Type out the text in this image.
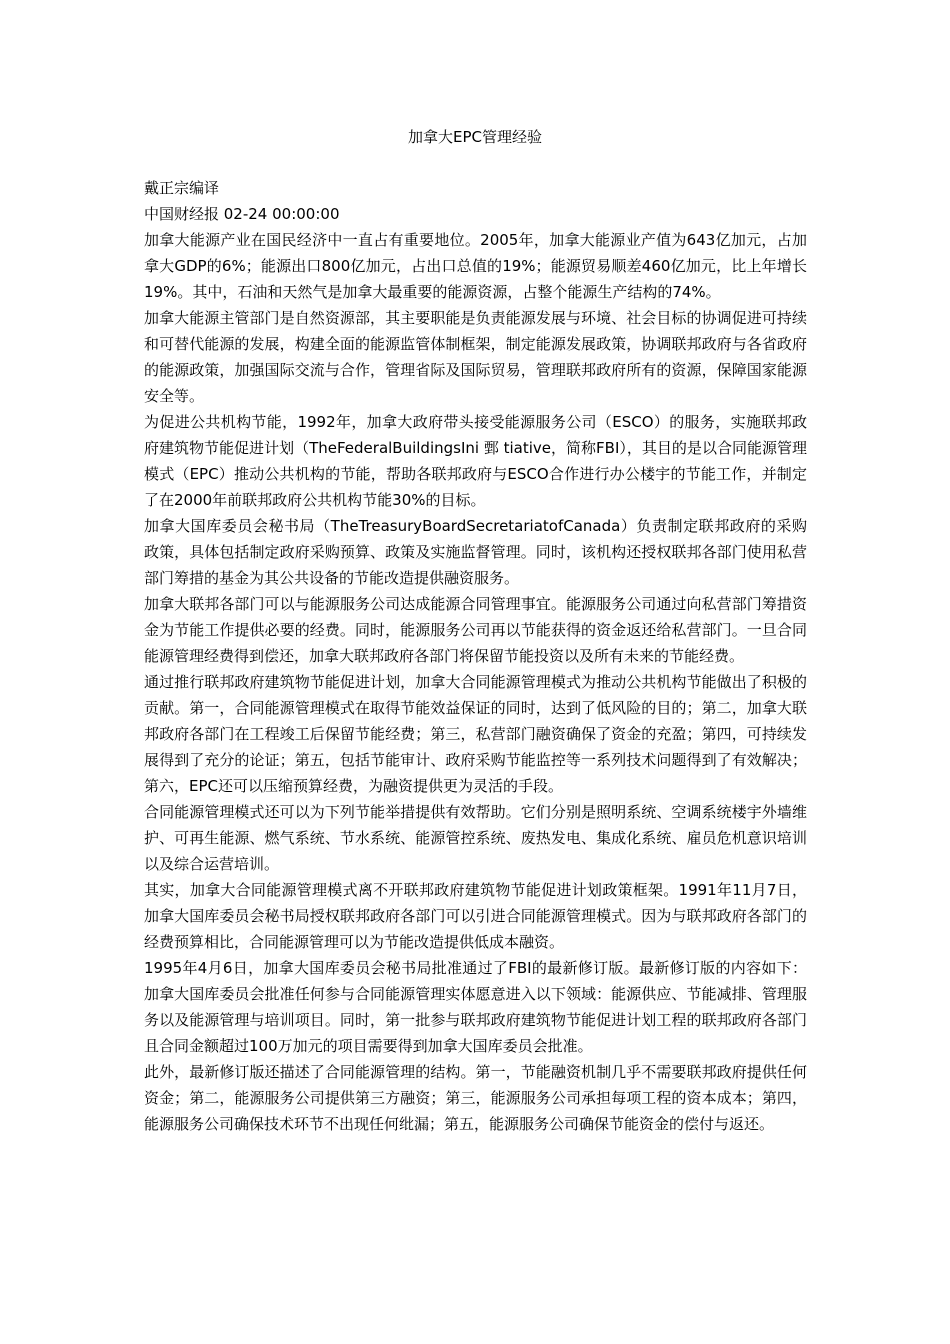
加拿大EPC管理经验

戴正宗编译

中国财经报 02-24 00:00:00

加拿大能源产业在国民经济中一直占有重要地位。2005年，加拿大能源业产值为643亿加元，占加拿大GDP的6%；能源出口800亿加元，占出口总值的19%；能源贸易顺差460亿加元，比上年增长19%。其中，石油和天然气是加拿大最重要的能源资源，占整个能源生产结构的74%。

加拿大能源主管部门是自然资源部，其主要职能是负责能源发展与环境、社会目标的协调促进可持续和可替代能源的发展，构建全面的能源监管体制框架，制定能源发展政策，协调联邦政府与各省政府的能源政策，加强国际交流与合作，管理省际及国际贸易，管理联邦政府所有的资源，保障国家能源安全等。

为促进公共机构节能，1992年，加拿大政府带头接受能源服务公司（ESCO）的服务，实施联邦政府建筑物节能促进计划（TheFederalBuildingsIni 鄄 tiative，简称FBI），其目的是以合同能源管理模式（EPC）推动公共机构的节能，帮助各联邦政府与ESCO合作进行办公楼宇的节能工作，并制定了在2000年前联邦政府公共机构节能30%的目标。

加拿大国库委员会秘书局（TheTreasuryBoardSecretariatofCanada）负责制定联邦政府的采购政策，具体包括制定政府采购预算、政策及实施监督管理。同时，该机构还授权联邦各部门使用私营部门筹措的基金为其公共设备的节能改造提供融资服务。

加拿大联邦各部门可以与能源服务公司达成能源合同管理事宜。能源服务公司通过向私营部门筹措资金为节能工作提供必要的经费。同时，能源服务公司再以节能获得的资金返还给私营部门。一旦合同能源管理经费得到偿还，加拿大联邦政府各部门将保留节能投资以及所有未来的节能经费。

通过推行联邦政府建筑物节能促进计划，加拿大合同能源管理模式为推动公共机构节能做出了积极的贡献。第一，合同能源管理模式在取得节能效益保证的同时，达到了低风险的目的；第二，加拿大联邦政府各部门在工程竣工后保留节能经费；第三，私营部门融资确保了资金的充盈；第四，可持续发展得到了充分的论证；第五，包括节能审计、政府采购节能监控等一系列技术问题得到了有效解决；第六，EPC还可以压缩预算经费，为融资提供更为灵活的手段。

合同能源管理模式还可以为下列节能举措提供有效帮助。它们分别是照明系统、空调系统楼宇外墙维护、可再生能源、燃气系统、节水系统、能源管控系统、废热发电、集成化系统、雇员危机意识培训以及综合运营培训。

其实，加拿大合同能源管理模式离不开联邦政府建筑物节能促进计划政策框架。1991年11月7日，加拿大国库委员会秘书局授权联邦政府各部门可以引进合同能源管理模式。因为与联邦政府各部门的经费预算相比，合同能源管理可以为节能改造提供低成本融资。

1995年4月6日，加拿大国库委员会秘书局批准通过了FBI的最新修订版。最新修订版的内容如下：加拿大国库委员会批准任何参与合同能源管理实体愿意进入以下领域：能源供应、节能减排、管理服务以及能源管理与培训项目。同时，第一批参与联邦政府建筑物节能促进计划工程的联邦政府各部门且合同金额超过100万加元的项目需要得到加拿大国库委员会批准。

此外，最新修订版还描述了合同能源管理的结构。第一，节能融资机制几乎不需要联邦政府提供任何资金；第二，能源服务公司提供第三方融资；第三，能源服务公司承担每项工程的资本成本；第四，能源服务公司确保技术环节不出现任何纰漏；第五，能源服务公司确保节能资金的偿付与返还。
